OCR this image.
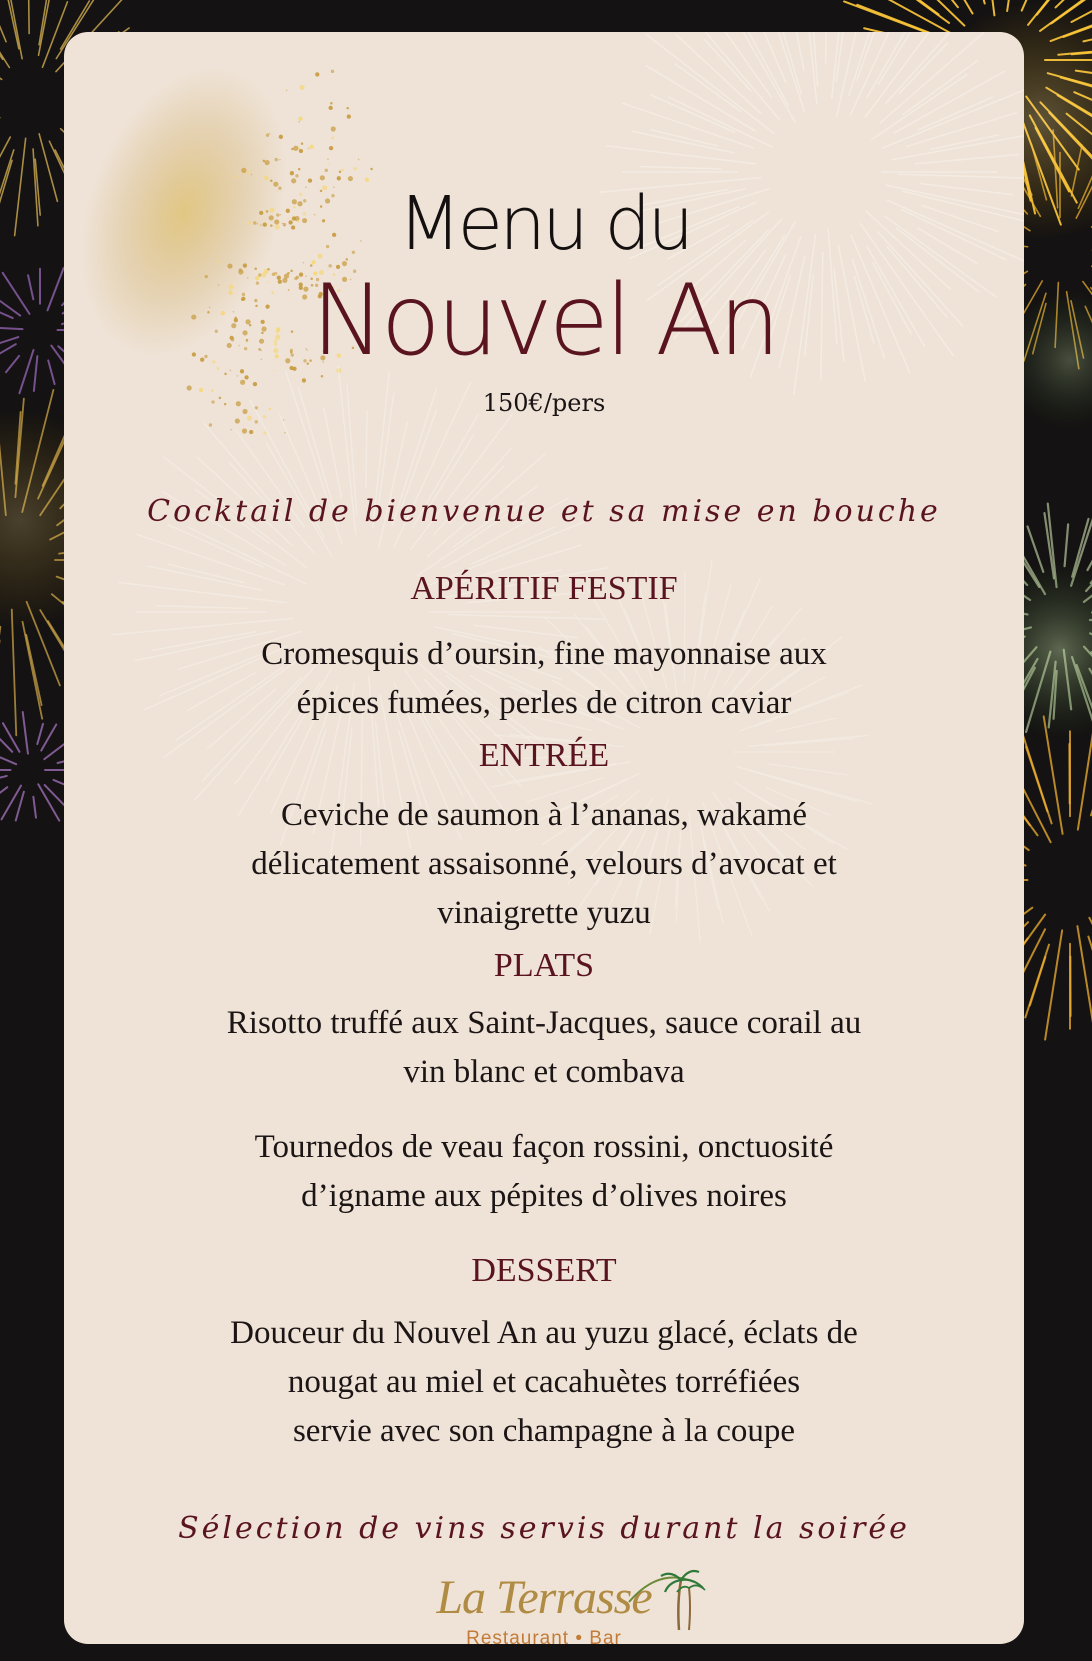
Menu du
Nouvel An
150€/pers
Cocktail de bienvenue et sa mise en bouche
APÉRITIF FESTIF
Cromesquis d’oursin, fine mayonnaise aux
épices fumées, perles de citron caviar
ENTRÉE
Ceviche de saumon à l’ananas, wakamé
délicatement assaisonné, velours d’avocat et
vinaigrette yuzu
PLATS
Risotto truffé aux Saint-Jacques, sauce corail au
vin blanc et combava
Tournedos de veau façon rossini, onctuosité
d’igname aux pépites d’olives noires
DESSERT
Douceur du Nouvel An au yuzu glacé, éclats de
nougat au miel et cacahuètes torréfiées
servie avec son champagne à la coupe
Sélection de vins servis durant la soirée
La Terrasse
Restaurant • Bar
